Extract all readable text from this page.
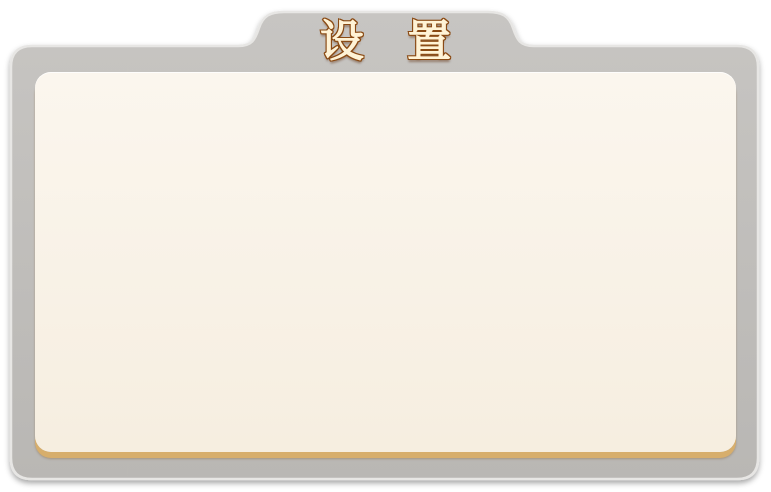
设 置
